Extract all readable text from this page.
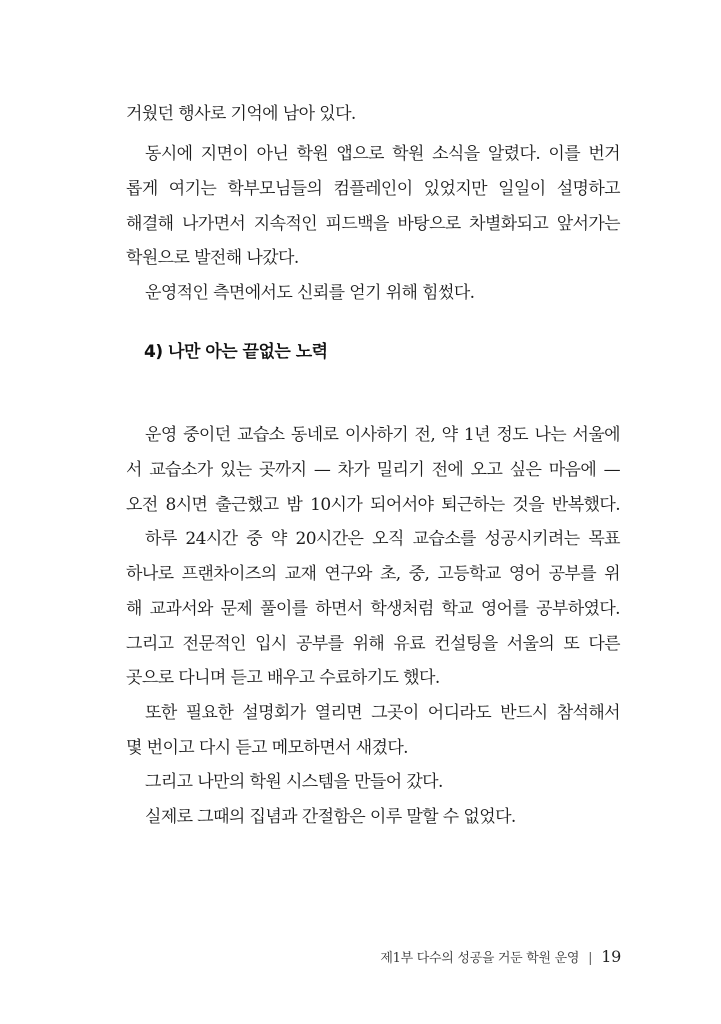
거웠던 행사로 기억에 남아 있다.
동시에 지면이 아닌 학원 앱으로 학원 소식을 알렸다. 이를 번거
롭게 여기는 학부모님들의 컴플레인이 있었지만 일일이 설명하고
해결해 나가면서 지속적인 피드백을 바탕으로 차별화되고 앞서가는
학원으로 발전해 나갔다.
운영적인 측면에서도 신뢰를 얻기 위해 힘썼다.
4) 나만 아는 끝없는 노력
운영 중이던 교습소 동네로 이사하기 전, 약 1년 정도 나는 서울에
서 교습소가 있는 곳까지 — 차가 밀리기 전에 오고 싶은 마음에 —
오전 8시면 출근했고 밤 10시가 되어서야 퇴근하는 것을 반복했다.
하루 24시간 중 약 20시간은 오직 교습소를 성공시키려는 목표
하나로 프랜차이즈의 교재 연구와 초, 중, 고등학교 영어 공부를 위
해 교과서와 문제 풀이를 하면서 학생처럼 학교 영어를 공부하였다.
그리고 전문적인 입시 공부를 위해 유료 컨설팅을 서울의 또 다른
곳으로 다니며 듣고 배우고 수료하기도 했다.
또한 필요한 설명회가 열리면 그곳이 어디라도 반드시 참석해서
몇 번이고 다시 듣고 메모하면서 새겼다.
그리고 나만의 학원 시스템을 만들어 갔다.
실제로 그때의 집념과 간절함은 이루 말할 수 없었다.
제1부 다수의 성공을 거둔 학원 운영 | 19
